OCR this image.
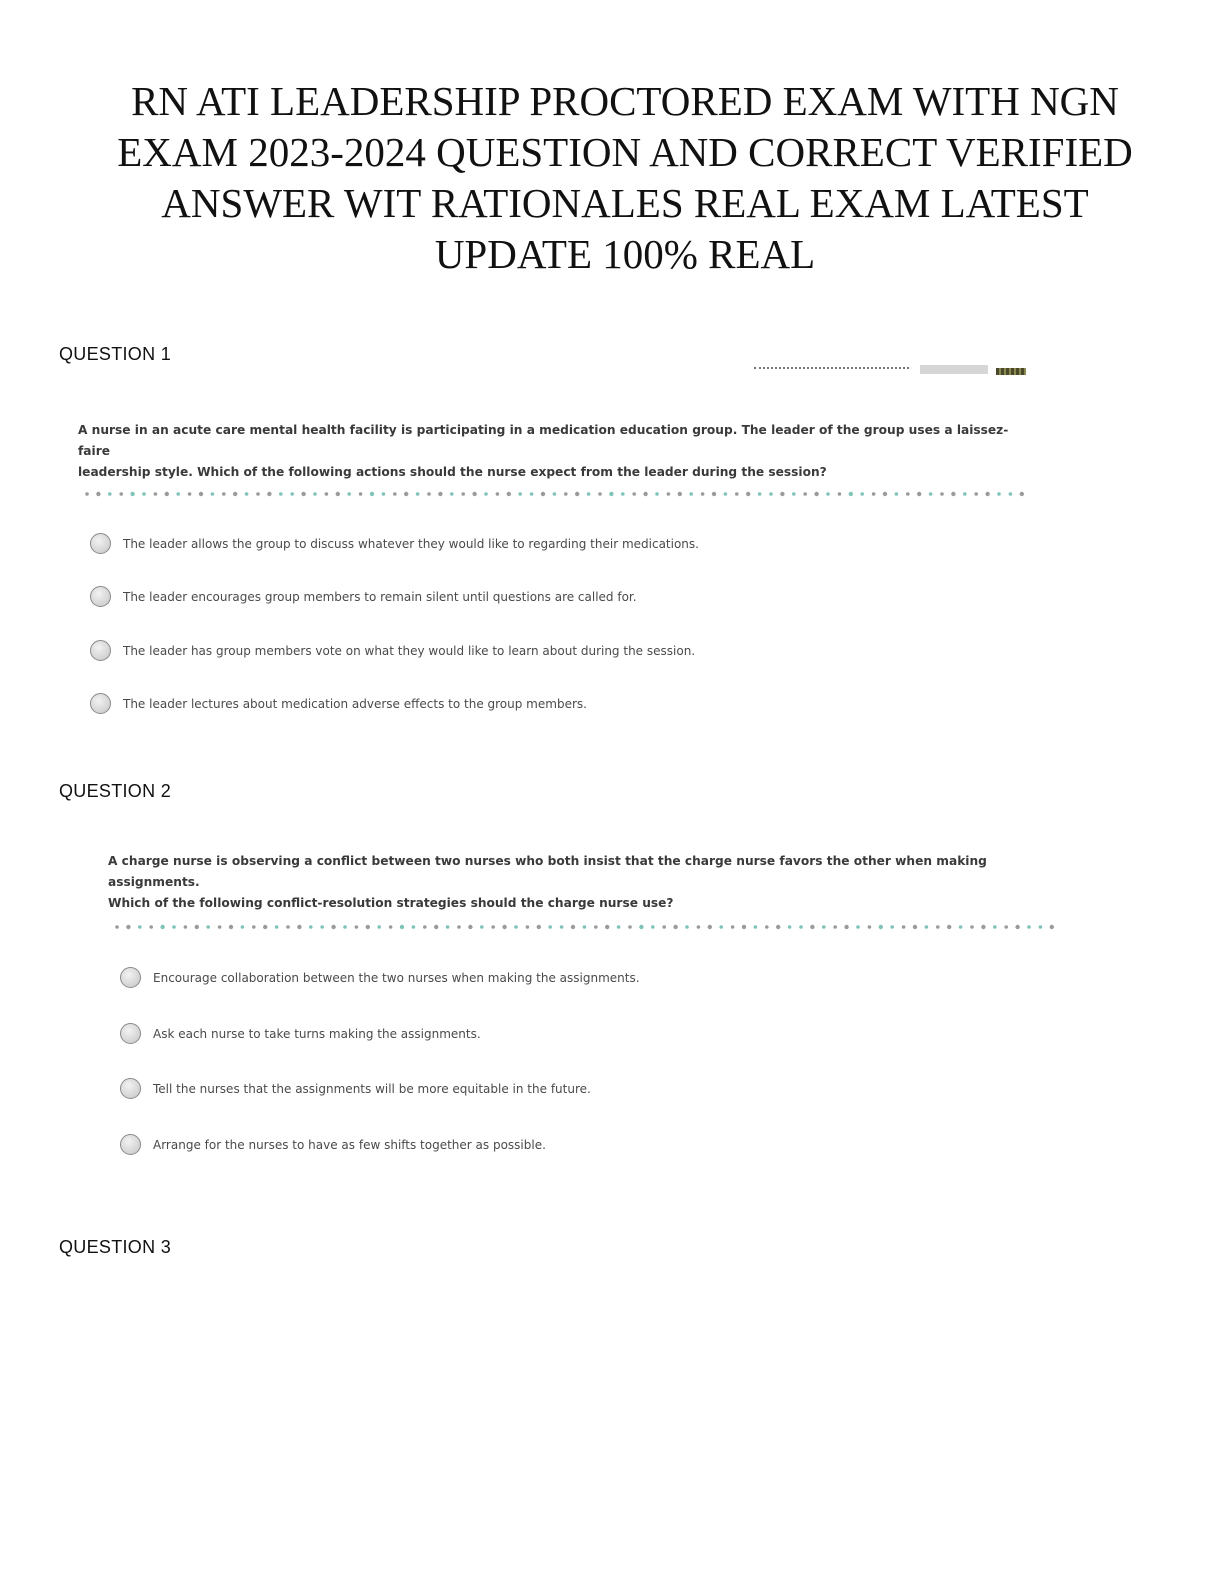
RN ATI LEADERSHIP PROCTORED EXAM WITH NGN
EXAM 2023-2024 QUESTION AND CORRECT VERIFIED
ANSWER WIT RATIONALES REAL EXAM LATEST
UPDATE 100% REAL
QUESTION 1
A nurse in an acute care mental health facility is participating in a medication education group. The leader of the group uses a laissez-faire
leadership style. Which of the following actions should the nurse expect from the leader during the session?
The leader allows the group to discuss whatever they would like to regarding their medications.
The leader encourages group members to remain silent until questions are called for.
The leader has group members vote on what they would like to learn about during the session.
The leader lectures about medication adverse effects to the group members.
QUESTION 2
A charge nurse is observing a conflict between two nurses who both insist that the charge nurse favors the other when making assignments.
Which of the following conflict-resolution strategies should the charge nurse use?
Encourage collaboration between the two nurses when making the assignments.
Ask each nurse to take turns making the assignments.
Tell the nurses that the assignments will be more equitable in the future.
Arrange for the nurses to have as few shifts together as possible.
QUESTION 3
